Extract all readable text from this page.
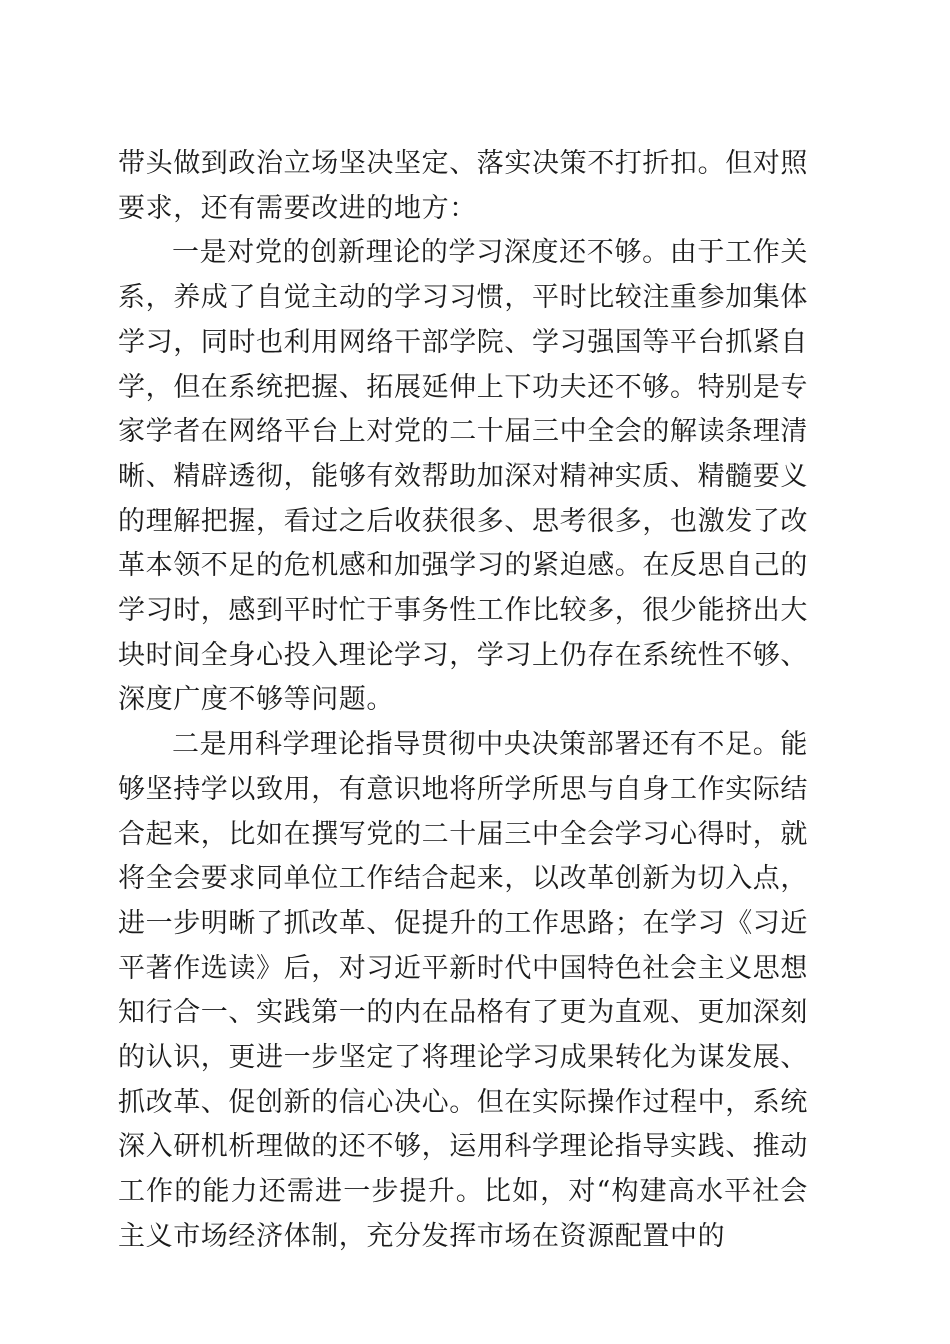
带头做到政治立场坚决坚定、落实决策不打折扣。但对照要求，还有需要改进的地方：

一是对党的创新理论的学习深度还不够。由于工作关系，养成了自觉主动的学习习惯，平时比较注重参加集体学习，同时也利用网络干部学院、学习强国等平台抓紧自学，但在系统把握、拓展延伸上下功夫还不够。特别是专家学者在网络平台上对党的二十届三中全会的解读条理清晰、精辟透彻，能够有效帮助加深对精神实质、精髓要义的理解把握，看过之后收获很多、思考很多，也激发了改革本领不足的危机感和加强学习的紧迫感。在反思自己的学习时，感到平时忙于事务性工作比较多，很少能挤出大块时间全身心投入理论学习，学习上仍存在系统性不够、深度广度不够等问题。

二是用科学理论指导贯彻中央决策部署还有不足。能够坚持学以致用，有意识地将所学所思与自身工作实际结合起来，比如在撰写党的二十届三中全会学习心得时，就将全会要求同单位工作结合起来，以改革创新为切入点，进一步明晰了抓改革、促提升的工作思路；在学习《习近平著作选读》后，对习近平新时代中国特色社会主义思想知行合一、实践第一的内在品格有了更为直观、更加深刻的认识，更进一步坚定了将理论学习成果转化为谋发展、抓改革、促创新的信心决心。但在实际操作过程中，系统深入研机析理做的还不够，运用科学理论指导实践、推动工作的能力还需进一步提升。比如，对“构建高水平社会主义市场经济体制，充分发挥市场在资源配置中的
